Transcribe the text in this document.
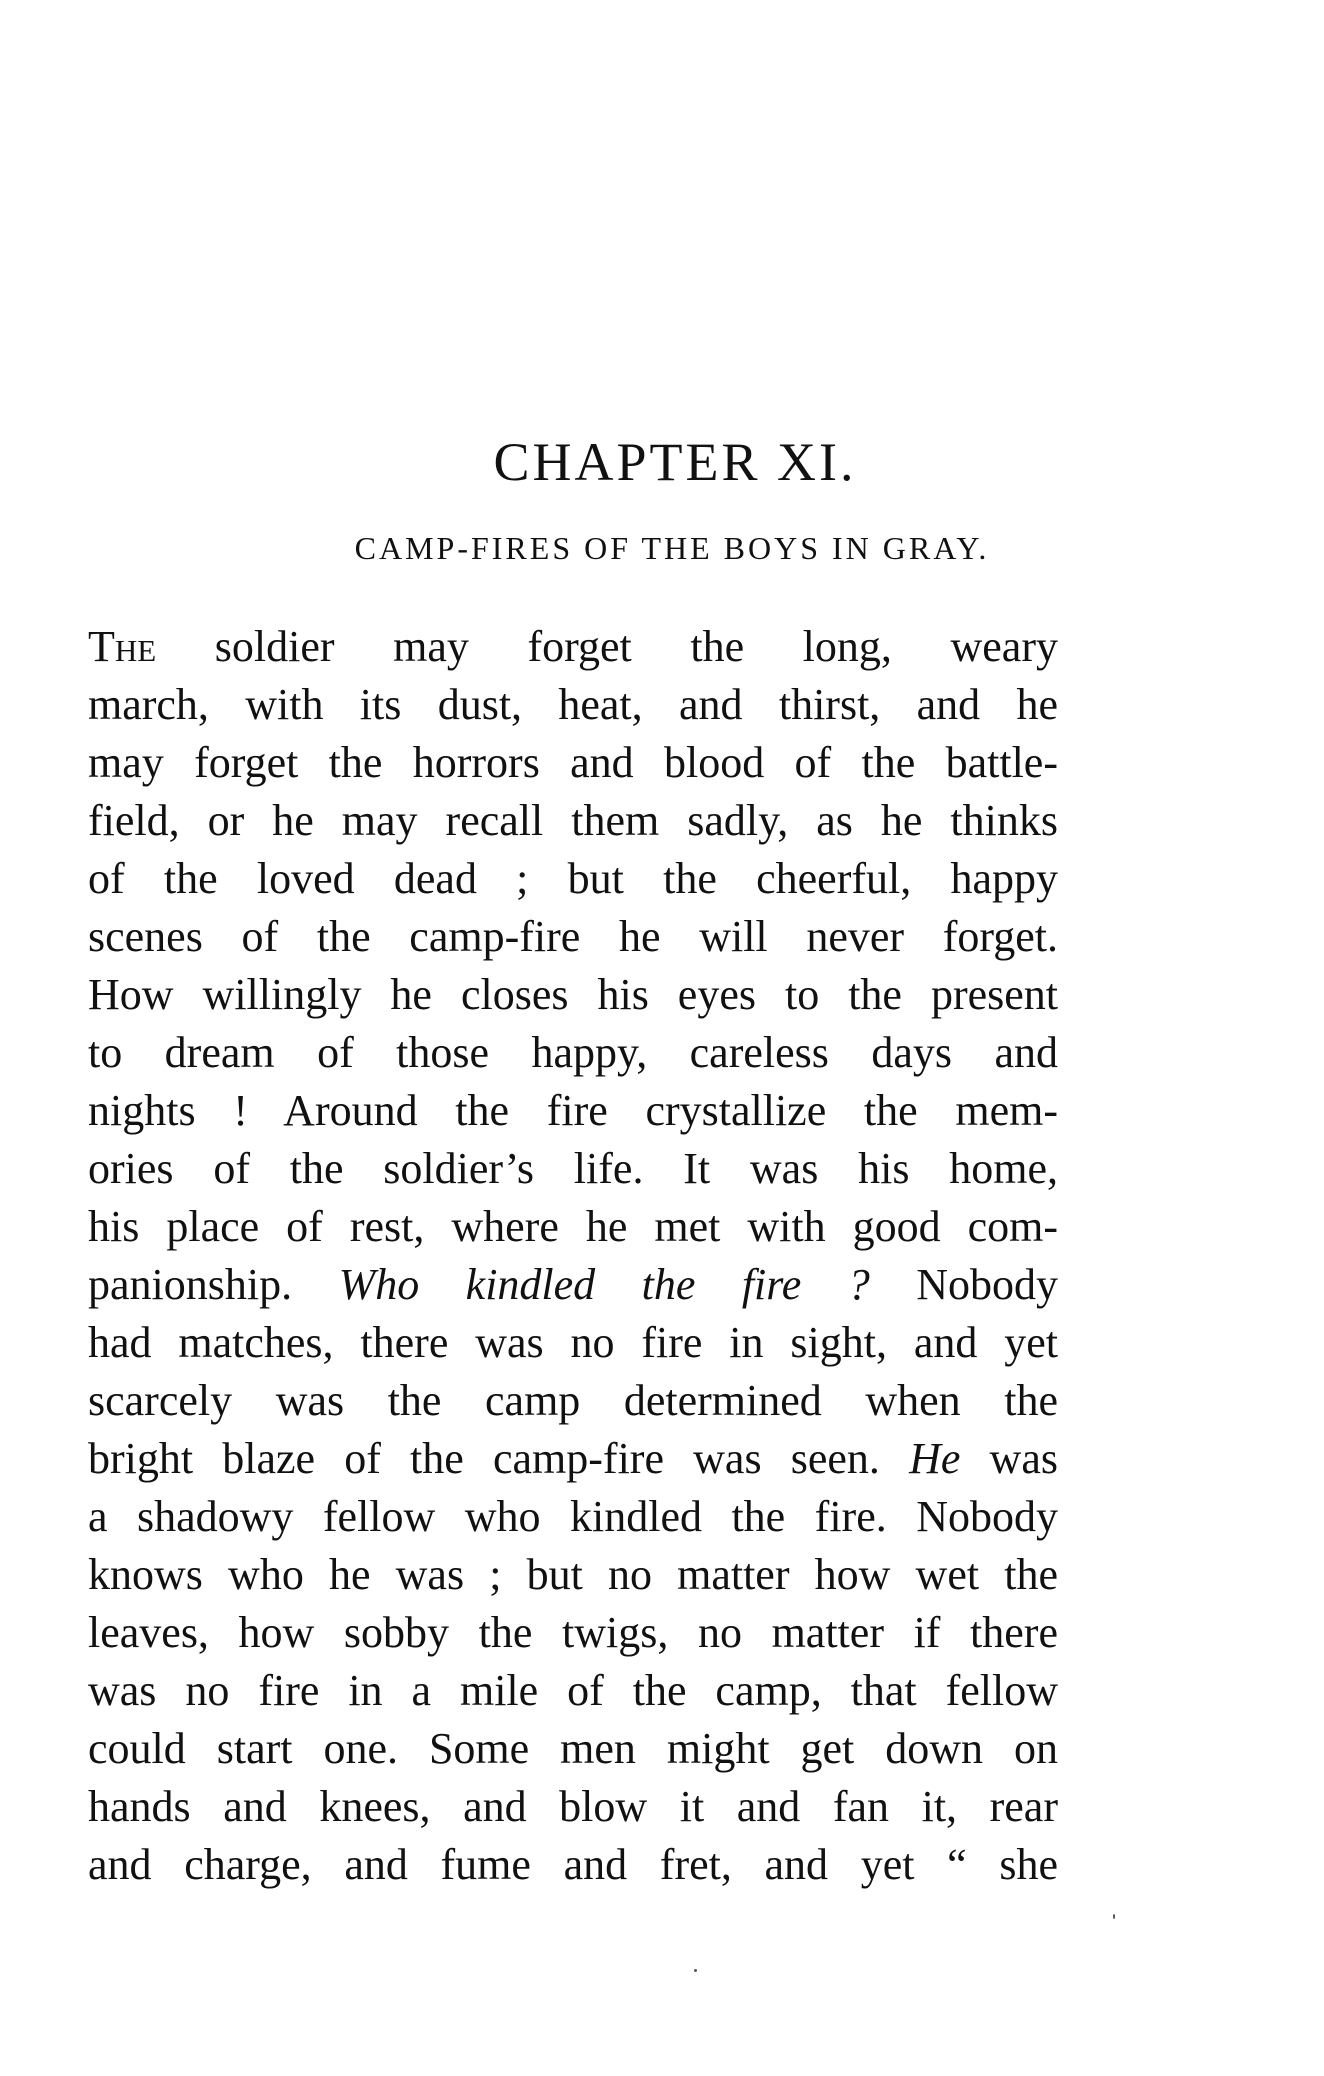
CHAPTER XI.
CAMP-FIRES OF THE BOYS IN GRAY.
The soldier may forget the long, weary
march, with its dust, heat, and thirst, and he
may forget the horrors and blood of the battle-
field, or he may recall them sadly, as he thinks
of the loved dead ; but the cheerful, happy
scenes of the camp-fire he will never forget.
How willingly he closes his eyes to the present
to dream of those happy, careless days and
nights ! Around the fire crystallize the mem-
ories of the soldier’s life. It was his home,
his place of rest, where he met with good com-
panionship. Who kindled the fire ? Nobody
had matches, there was no fire in sight, and yet
scarcely was the camp determined when the
bright blaze of the camp-fire was seen. He was
a shadowy fellow who kindled the fire. Nobody
knows who he was ; but no matter how wet the
leaves, how sobby the twigs, no matter if there
was no fire in a mile of the camp, that fellow
could start one. Some men might get down on
hands and knees, and blow it and fan it, rear
and charge, and fume and fret, and yet “ she
